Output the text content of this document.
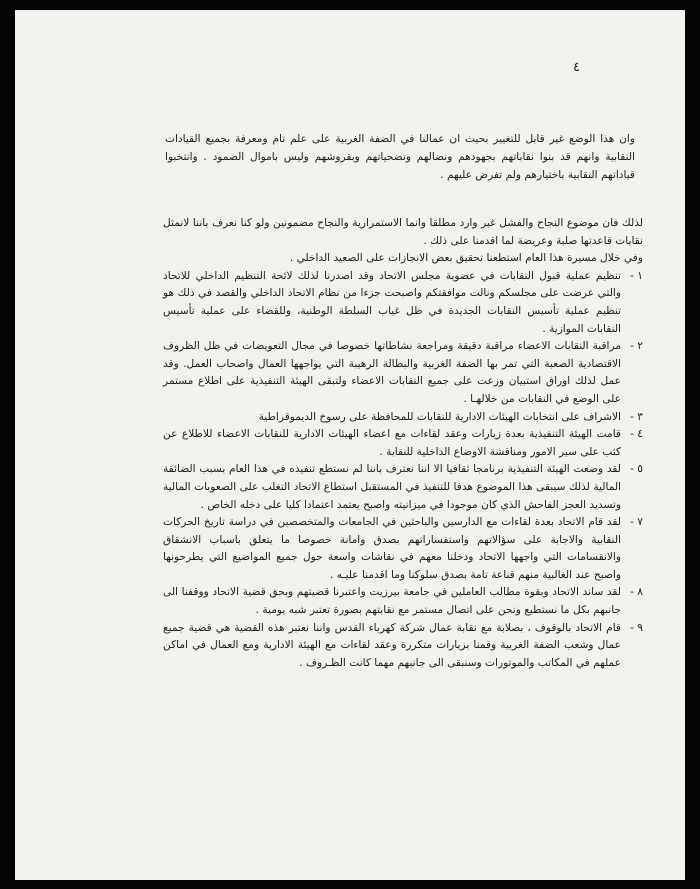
٤
وان هذا الوضع غير قابل للتغيير بحيث ان عمالنا في الضفة الغربية على علم تام ومعرفة بجميع القيادات النقابية وانهم قد بنوا نقاباتهم بجهودهم ونضالهم وتضحياتهم وبقروشهم وليس باموال الصمود . وانتخبوا قياداتهم النقابية باختيارهم ولم تفرض عليهم .
لذلك فان موضوع النجاح والفشل غير وارد مطلقا وانما الاستمرارية والنجاح مضمونين ولو كنا نعرف باننا لانمثل نقابات قاعدتها صلبة وعريضة لما اقدمنا على ذلك .
وفي خلال مسيرة هذا العام استطعنا تحقيق بعض الانجازات على الصعيد الداخلي .
١ -
تنظيم عملية قبول النقابات في عضوية مجلس الاتحاد وقد اصدرنا لذلك لائحة التنظيم الداخلي للاتحاد والتي عرضت على مجلسكم ونالت موافقتكم واصبحت جزءا من نظام الاتحاد الداخلي والقصد في ذلك هو تنظيم عملية تأسيس النقابات الجديدة في ظل غياب السلطة الوطنية، وللقضاء على عملية تأسيس النقابات الموازية .
٢ -
مراقبة النقابات الاعضاء مراقبة دقيقة ومراجعة نشاطاتها خصوصا في مجال التعويضات في ظل الظروف الاقتصادية الصعبة التي تمر بها الضفة الغربية والبطالة الرهيبة التي يواجهها العمال واصحاب العمل. وقد عمل لذلك اوراق استبيان وزعت على جميع النقابات الاعضاء ولتبقى الهيئة التنفيذية على اطلاع مستمر على الوضع في النقابات من خلالهـا .
٣ -
الاشراف على انتخابات الهيئات الادارية للنقابات للمحافظة على رسوخ الديموقراطية
٤ -
قامت الهيئة التنفيذية بعدة زيارات وعقد لقاءات مع اعضاء الهيئات الادارية للنقابات الاعضاء للاطلاع عن كثب على سير الامور ومناقشة الاوضاع الداخلية للنقابة .
٥ -
لقد وضعت الهيئة التنفيذية برنامجا ثقافيا الا اننا نعترف باننا لم نستطع تنفيذه في هذا العام بسبب الضائقة المالية لذلك سيبقى هذا الموضوع هدفا للتنفيذ في المستقبل استطاع الاتحاد التغلب على الصعوبات المالية وتسديد العجز الفاحش الذي كان موجودا في ميزانيته واصبح يعتمد اعتمادا كليا على دخله الخاص .
٧ -
لقد قام الاتحاد بعدة لقاءات مع الدارسين والباحثين في الجامعات والمتخصصين في دراسة تاريخ الحركات النقابية والاجابة على سؤالاتهم واستفساراتهم بصدق وامانة خصوصا ما يتعلق باسباب الانشقاق والانقسامات التي واجهها الاتحاد ودخلنا معهم في نقاشات واسعة حول جميع المواضيع التي يطرحونها واصبح عند الغالبية منهم قناعة تامة بصدق سلوكنا وما اقدمنا عليـه .
٨ -
لقد ساند الاتحاد وبقوة مطالب العاملين في جامعة بيرزيت واعتبرنا قضيتهم وبحق قضية الاتحاد ووقفنا الى جانبهم بكل ما نستطيع ونحن على اتصال مستمر مع نقابتهم بصورة تعتبر شبه يومية .
٩ -
قام الاتحاد بالوقوف ، بصلابة مع نقابة عمال شركة كهرباء القدس واننا نعتبر هذه القضية هي قضية جميع عمال وشعب الضفة الغربية وقمنا بزيارات متكررة وعقد لقاءات مع الهيئة الادارية ومع العمال في اماكن عملهم في المكاتب والموتورات وسنبقى الى جانبهم مهما كانت الظـروف .
